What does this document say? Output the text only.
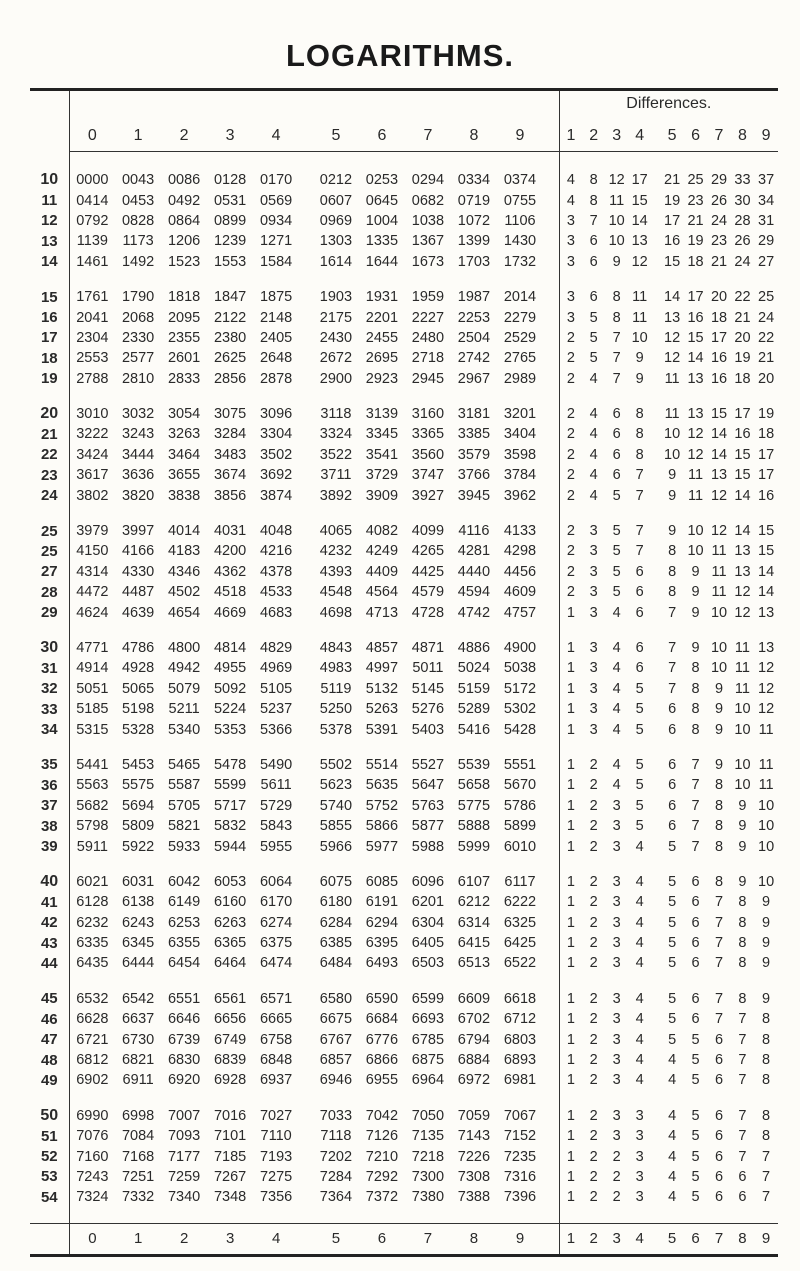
LOGARITHMS.
													Differences.									
	0	1	2	3	4		5	6	7	8	9		1	2	3	4		5	6	7	8	9

10	0000	0043	0086	0128	0170		0212	0253	0294	0334	0374		4	8	12	17		21	25	29	33	37
11	0414	0453	0492	0531	0569		0607	0645	0682	0719	0755		4	8	11	15		19	23	26	30	34
12	0792	0828	0864	0899	0934		0969	1004	1038	1072	1106		3	7	10	14		17	21	24	28	31
13	1139	1173	1206	1239	1271		1303	1335	1367	1399	1430		3	6	10	13		16	19	23	26	29
14	1461	1492	1523	1553	1584		1614	1644	1673	1703	1732		3	6	9	12		15	18	21	24	27

15	1761	1790	1818	1847	1875		1903	1931	1959	1987	2014		3	6	8	11		14	17	20	22	25
16	2041	2068	2095	2122	2148		2175	2201	2227	2253	2279		3	5	8	11		13	16	18	21	24
17	2304	2330	2355	2380	2405		2430	2455	2480	2504	2529		2	5	7	10		12	15	17	20	22
18	2553	2577	2601	2625	2648		2672	2695	2718	2742	2765		2	5	7	9		12	14	16	19	21
19	2788	2810	2833	2856	2878		2900	2923	2945	2967	2989		2	4	7	9		11	13	16	18	20

20	3010	3032	3054	3075	3096		3118	3139	3160	3181	3201		2	4	6	8		11	13	15	17	19
21	3222	3243	3263	3284	3304		3324	3345	3365	3385	3404		2	4	6	8		10	12	14	16	18
22	3424	3444	3464	3483	3502		3522	3541	3560	3579	3598		2	4	6	8		10	12	14	15	17
23	3617	3636	3655	3674	3692		3711	3729	3747	3766	3784		2	4	6	7		9	11	13	15	17
24	3802	3820	3838	3856	3874		3892	3909	3927	3945	3962		2	4	5	7		9	11	12	14	16

25	3979	3997	4014	4031	4048		4065	4082	4099	4116	4133		2	3	5	7		9	10	12	14	15
25	4150	4166	4183	4200	4216		4232	4249	4265	4281	4298		2	3	5	7		8	10	11	13	15
27	4314	4330	4346	4362	4378		4393	4409	4425	4440	4456		2	3	5	6		8	9	11	13	14
28	4472	4487	4502	4518	4533		4548	4564	4579	4594	4609		2	3	5	6		8	9	11	12	14
29	4624	4639	4654	4669	4683		4698	4713	4728	4742	4757		1	3	4	6		7	9	10	12	13

30	4771	4786	4800	4814	4829		4843	4857	4871	4886	4900		1	3	4	6		7	9	10	11	13
31	4914	4928	4942	4955	4969		4983	4997	5011	5024	5038		1	3	4	6		7	8	10	11	12
32	5051	5065	5079	5092	5105		5119	5132	5145	5159	5172		1	3	4	5		7	8	9	11	12
33	5185	5198	5211	5224	5237		5250	5263	5276	5289	5302		1	3	4	5		6	8	9	10	12
34	5315	5328	5340	5353	5366		5378	5391	5403	5416	5428		1	3	4	5		6	8	9	10	11

35	5441	5453	5465	5478	5490		5502	5514	5527	5539	5551		1	2	4	5		6	7	9	10	11
36	5563	5575	5587	5599	5611		5623	5635	5647	5658	5670		1	2	4	5		6	7	8	10	11
37	5682	5694	5705	5717	5729		5740	5752	5763	5775	5786		1	2	3	5		6	7	8	9	10
38	5798	5809	5821	5832	5843		5855	5866	5877	5888	5899		1	2	3	5		6	7	8	9	10
39	5911	5922	5933	5944	5955		5966	5977	5988	5999	6010		1	2	3	4		5	7	8	9	10

40	6021	6031	6042	6053	6064		6075	6085	6096	6107	6117		1	2	3	4		5	6	8	9	10
41	6128	6138	6149	6160	6170		6180	6191	6201	6212	6222		1	2	3	4		5	6	7	8	9
42	6232	6243	6253	6263	6274		6284	6294	6304	6314	6325		1	2	3	4		5	6	7	8	9
43	6335	6345	6355	6365	6375		6385	6395	6405	6415	6425		1	2	3	4		5	6	7	8	9
44	6435	6444	6454	6464	6474		6484	6493	6503	6513	6522		1	2	3	4		5	6	7	8	9

45	6532	6542	6551	6561	6571		6580	6590	6599	6609	6618		1	2	3	4		5	6	7	8	9
46	6628	6637	6646	6656	6665		6675	6684	6693	6702	6712		1	2	3	4		5	6	7	7	8
47	6721	6730	6739	6749	6758		6767	6776	6785	6794	6803		1	2	3	4		5	5	6	7	8
48	6812	6821	6830	6839	6848		6857	6866	6875	6884	6893		1	2	3	4		4	5	6	7	8
49	6902	6911	6920	6928	6937		6946	6955	6964	6972	6981		1	2	3	4		4	5	6	7	8

50	6990	6998	7007	7016	7027		7033	7042	7050	7059	7067		1	2	3	3		4	5	6	7	8
51	7076	7084	7093	7101	7110		7118	7126	7135	7143	7152		1	2	3	3		4	5	6	7	8
52	7160	7168	7177	7185	7193		7202	7210	7218	7226	7235		1	2	2	3		4	5	6	7	7
53	7243	7251	7259	7267	7275		7284	7292	7300	7308	7316		1	2	2	3		4	5	6	6	7
54	7324	7332	7340	7348	7356		7364	7372	7380	7388	7396		1	2	2	3		4	5	6	6	7

	0	1	2	3	4		5	6	7	8	9		1	2	3	4		5	6	7	8	9
